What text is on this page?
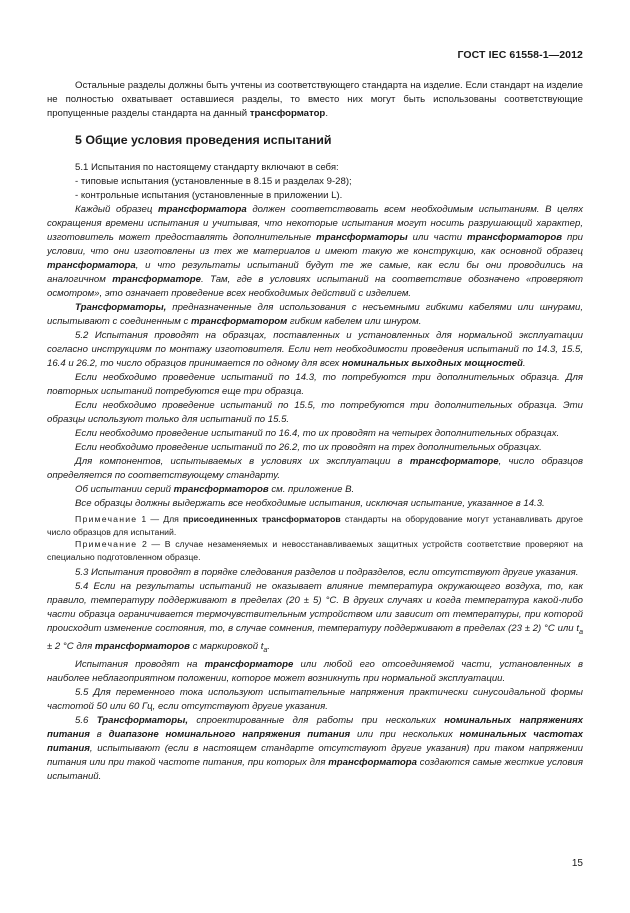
ГОСТ IEC 61558-1—2012

Остальные разделы должны быть учтены из соответствующего стандарта на изделие. Если стандарт на изделие не полностью охватывает оставшиеся разделы, то вместо них могут быть использованы соответствующие пропущенные разделы стандарта на данный трансформатор.

5 Общие условия проведения испытаний

5.1 Испытания по настоящему стандарту включают в себя:

- типовые испытания (установленные в 8.15 и разделах 9-28);

- контрольные испытания (установленные в приложении L).

Каждый образец трансформатора должен соответствовать всем необходимым испытаниям. В целях сокращения времени испытания и учитывая, что некоторые испытания могут носить разрушающий характер, изготовитель может предоставлять дополнительные трансформаторы или части трансформаторов при условии, что они изготовлены из тех же материалов и имеют такую же конструкцию, как основной образец трансформатора, и что результаты испытаний будут те же самые, как если бы они проводились на аналогичном трансформаторе. Там, где в условиях испытаний на соответствие обозначено «проверяют осмотром», это означает проведение всех необходимых действий с изделием.

Трансформаторы, предназначенные для использования с несъемными гибкими кабелями или шнурами, испытывают с соединенным с трансформатором гибким кабелем или шнуром.

5.2 Испытания проводят на образцах, поставленных и установленных для нормальной эксплуатации согласно инструкциям по монтажу изготовителя. Если нет необходимости проведения испытаний по 14.3, 15.5, 16.4 и 26.2, то число образцов принимается по одному для всех номинальных выходных мощностей.

Если необходимо проведение испытаний по 14.3, то потребуются три дополнительных образца. Для повторных испытаний потребуются еще три образца.

Если необходимо проведение испытаний по 15.5, то потребуются три дополнительных образца. Эти образцы используют только для испытаний по 15.5.

Если необходимо проведение испытаний по 16.4, то их проводят на четырех дополнительных образцах.

Если необходимо проведение испытаний по 26.2, то их проводят на трех дополнительных образцах.

Для компонентов, испытываемых в условиях их эксплуатации в трансформаторе, число образцов определяется по соответствующему стандарту.

Об испытании серий трансформаторов см. приложение В.

Все образцы должны выдержать все необходимые испытания, исключая испытание, указанное в 14.3.

Примечание 1 — Для присоединенных трансформаторов стандарты на оборудование могут устанавливать другое число образцов для испытаний.

Примечание 2 — В случае незаменяемых и невосстанавливаемых защитных устройств соответствие проверяют на специально подготовленном образце.

5.3 Испытания проводят в порядке следования разделов и подразделов, если отсутствуют другие указания.

5.4 Если на результаты испытаний не оказывает влияние температура окружающего воздуха, то, как правило, температуру поддерживают в пределах (20 ± 5) °С. В других случаях и когда температура какой-либо части образца ограничивается термочувствительным устройством или зависит от температуры, при которой происходит изменение состояния, то, в случае сомнения, температуру поддерживают в пределах (23 ± 2) °С или $t_a \pm 2$ °С для трансформаторов с маркировкой $t_a$.

Испытания проводят на трансформаторе или любой его отсоединяемой части, установленных в наиболее неблагоприятном положении, которое может возникнуть при нормальной эксплуатации.

5.5 Для переменного тока используют испытательные напряжения практически синусоидальной формы частотой 50 или 60 Гц, если отсутствуют другие указания.

5.6 Трансформаторы, спроектированные для работы при нескольких номинальных напряжениях питания в диапазоне номинального напряжения питания или при нескольких номинальных частотах питания, испытывают (если в настоящем стандарте отсутствуют другие указания) при таком напряжении питания или при такой частоте питания, при которых для трансформатора создаются самые жесткие условия испытаний.

15
